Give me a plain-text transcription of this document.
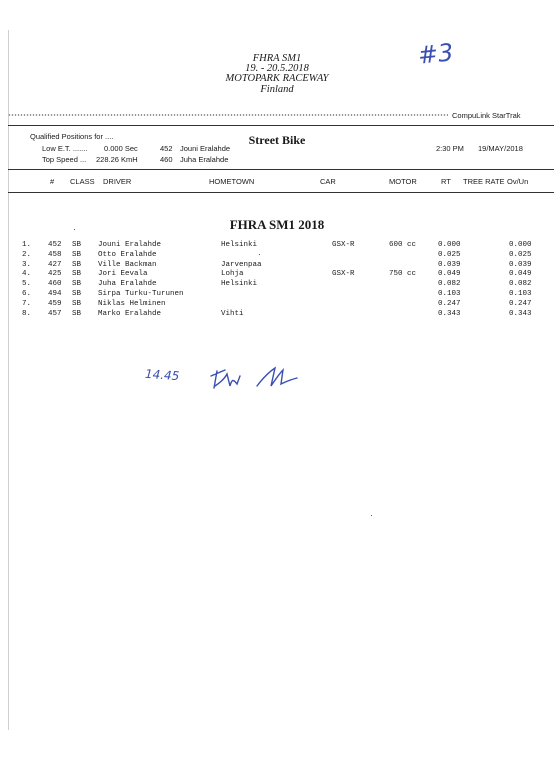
FHRA SM1
19. - 20.5.2018
MOTOPARK RACEWAY
Finland
#3
CompuLink StarTrak
Qualified Positions for ....
Low E.T. ....... 0.000 Sec	452 Jouni Eralahde
Top Speed ... 228.26 KmH	460 Juha Eralahde
Street Bike
2:30 PM 19/MAY/2018
# CLASS DRIVER	HOMETOWN	CAR	MOTOR	RT TREE RATE Ov/Un
FHRA SM1 2018
1. 452 SB Jouni Eralahde	Helsinki	GSX-R	600 cc	0.000	0.000
2. 458 SB Otto Eralahde	0.025	0.025
3. 427 SB Ville Backman	Jarvenpaa	0.039	0.039
4. 425 SB Jori Eevala	Lohja	GSX-R	750 cc	0.049	0.049
5. 460 SB Juha Eralahde	Helsinki	0.082	0.082
6. 494 SB Sirpa Turku-Turunen	0.103	0.103
7. 459 SB Niklas Helminen	0.247	0.247
8. 457 SB Marko Eralahde	Vihti	0.343	0.343
14.45
